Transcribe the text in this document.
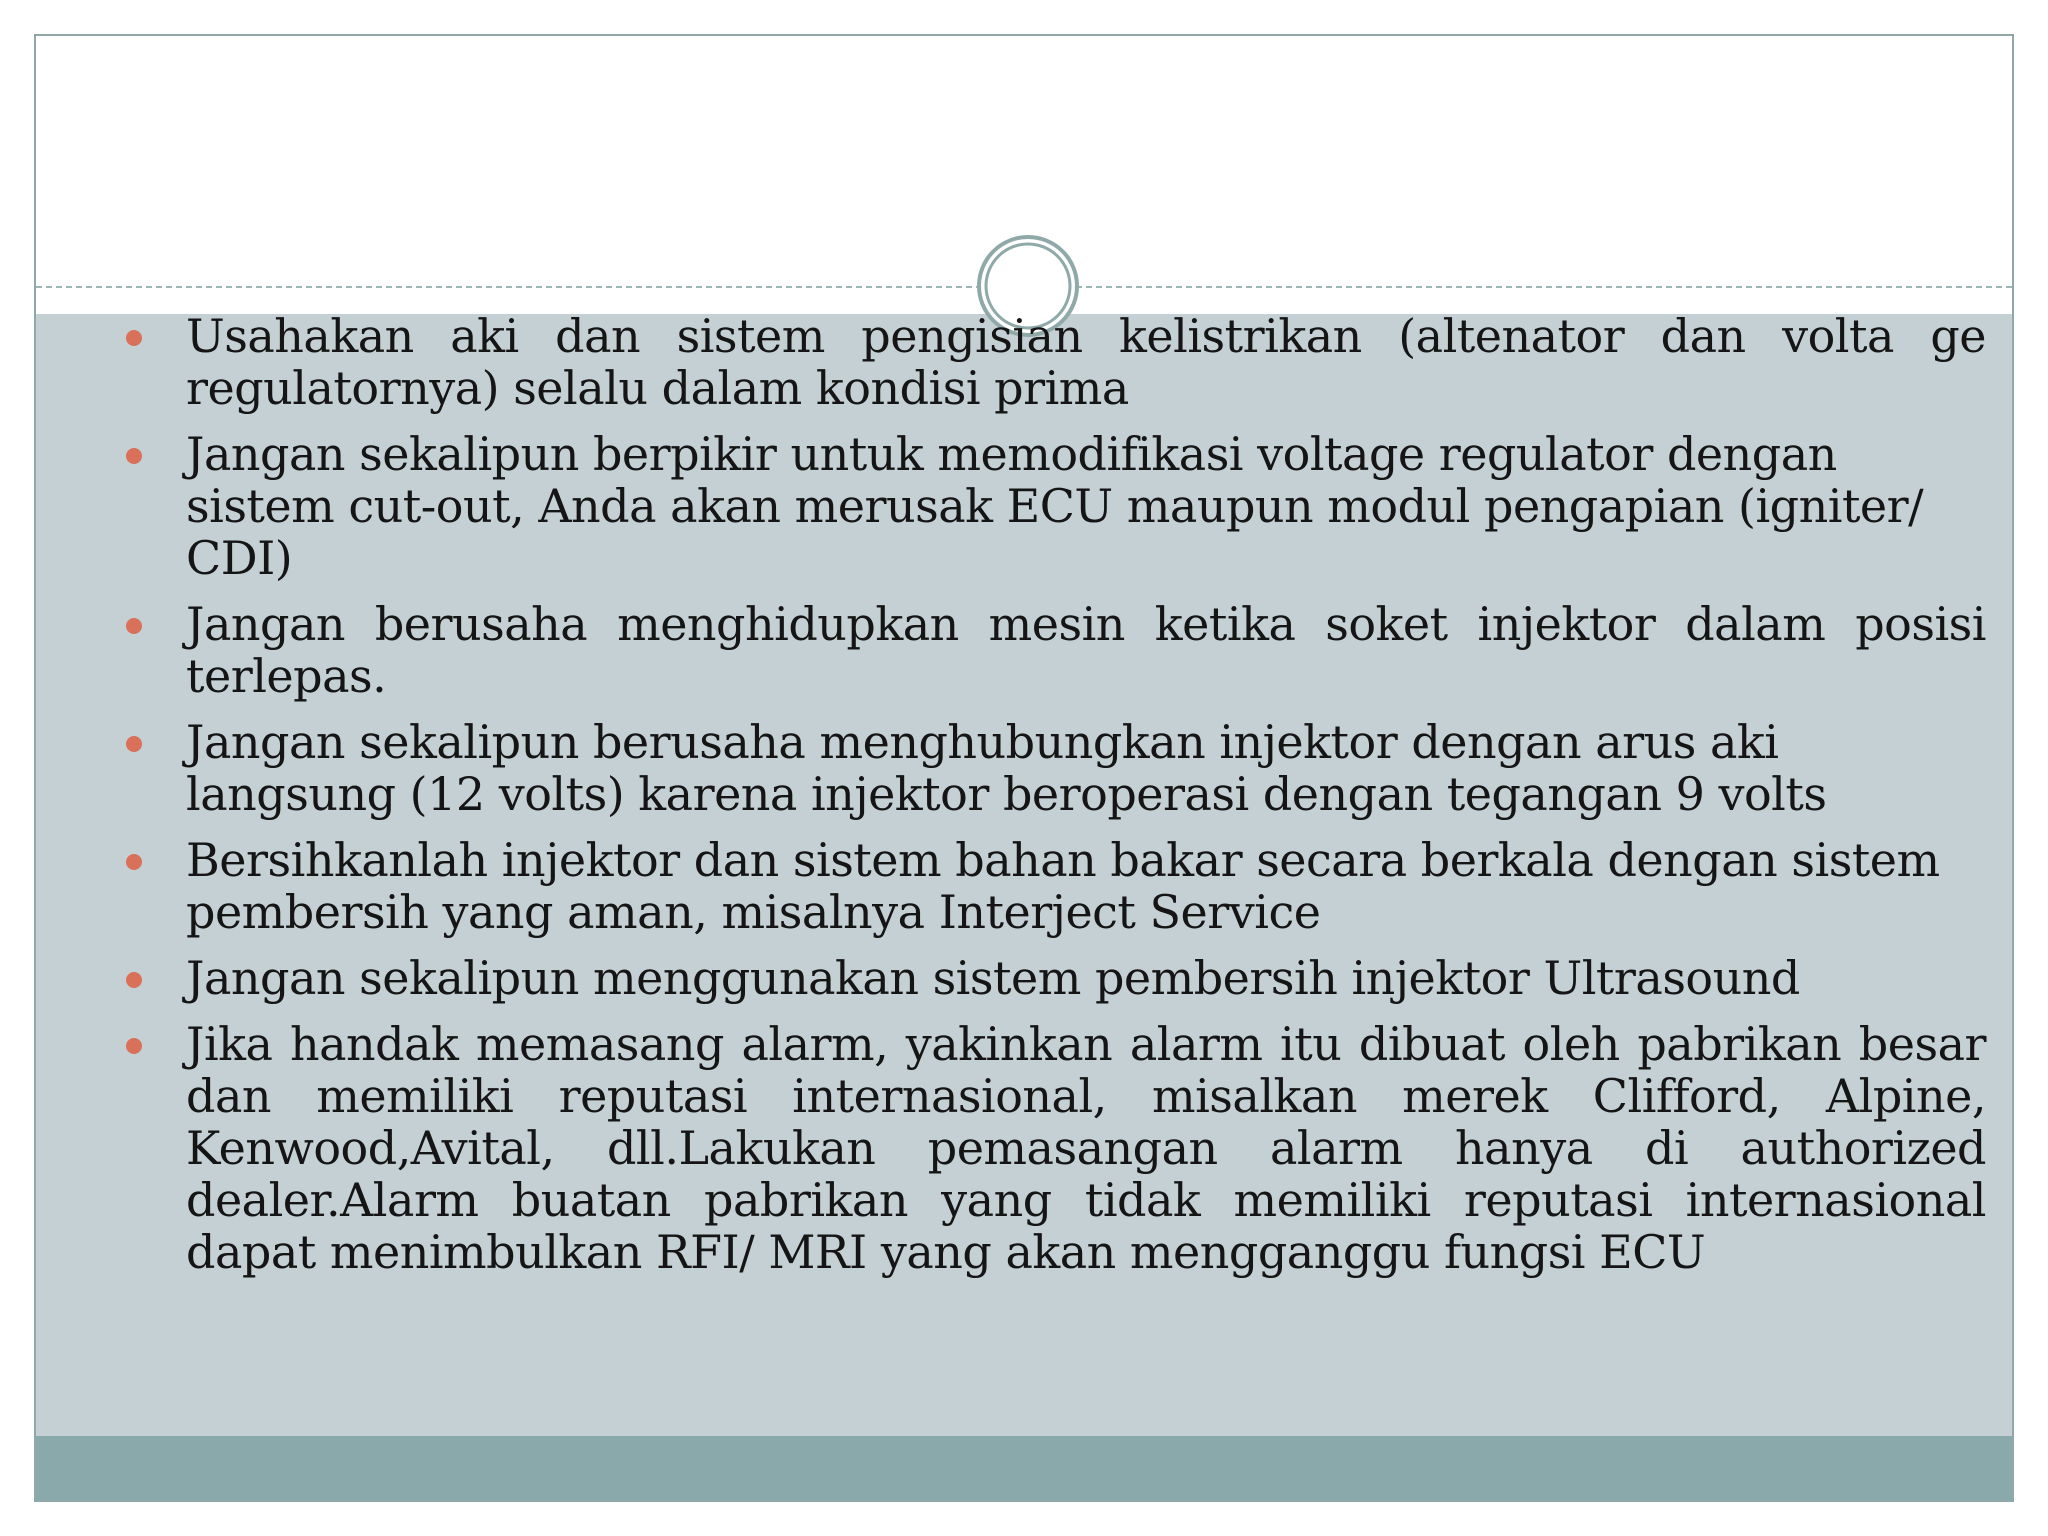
Usahakan aki dan sistem pengisian kelistrikan (altenator dan volta ge regulatornya) selalu dalam kondisi prima
Jangan sekalipun berpikir untuk memodifikasi voltage regulator dengan sistem cut-out, Anda akan merusak ECU maupun modul pengapian (igniter/ CDI)
Jangan berusaha menghidupkan mesin ketika soket injektor dalam posisi terlepas.
Jangan sekalipun berusaha menghubungkan injektor dengan arus aki langsung (12 volts) karena injektor beroperasi dengan tegangan 9 volts
Bersihkanlah injektor dan sistem bahan bakar secara berkala dengan sistem pembersih yang aman, misalnya Interject Service
Jangan sekalipun menggunakan sistem pembersih injektor Ultrasound
Jika handak memasang alarm, yakinkan alarm itu dibuat oleh pabrikan besar dan memiliki reputasi internasional, misalkan merek Clifford, Alpine, Kenwood,Avital, dll.Lakukan pemasangan alarm hanya di authorized dealer.Alarm buatan pabrikan yang tidak memiliki reputasi internasional dapat menimbulkan RFI/ MRI yang akan mengganggu fungsi ECU
